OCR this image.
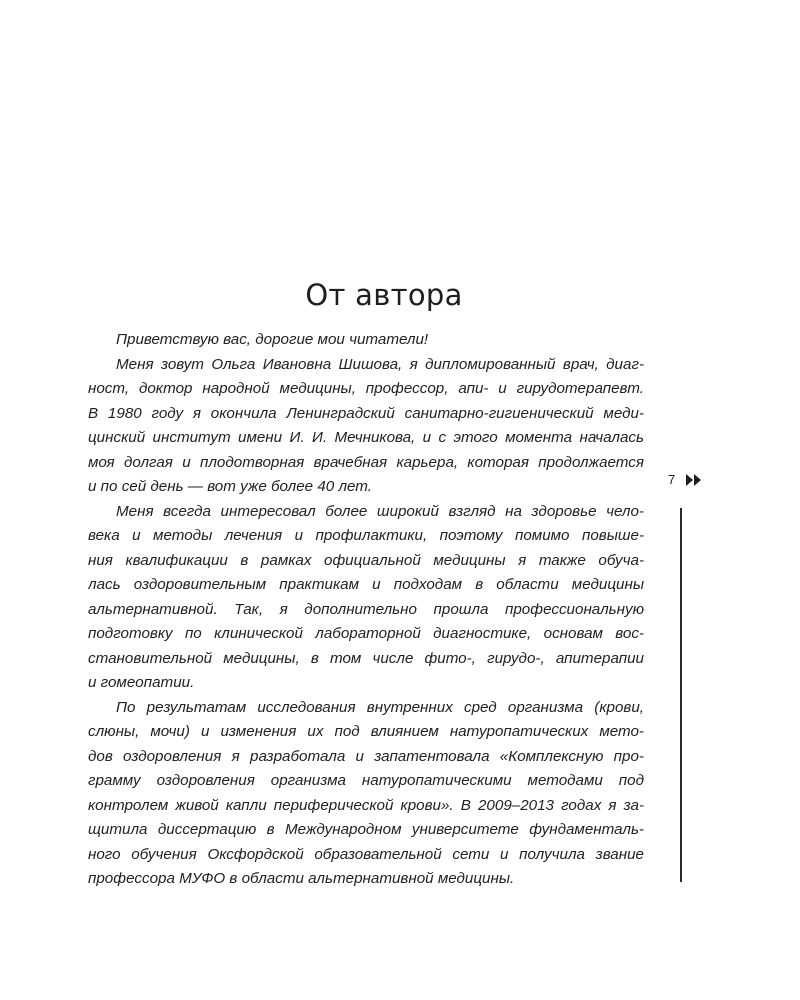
От автора
Приветствую вас, дорогие мои читатели!
Меня зовут Ольга Ивановна Шишова, я дипломированный врач, диаг-
ност, доктор народной медицины, профессор, апи- и гирудотерапевт.
В 1980 году я окончила Ленинградский санитарно-гигиенический меди-
цинский институт имени И. И. Мечникова, и с этого момента началась
моя долгая и плодотворная врачебная карьера, которая продолжается
и по сей день — вот уже более 40 лет.
Меня всегда интересовал более широкий взгляд на здоровье чело-
века и методы лечения и профилактики, поэтому помимо повыше-
ния квалификации в рамках официальной медицины я также обуча-
лась оздоровительным практикам и подходам в области медицины
альтернативной. Так, я дополнительно прошла профессиональную
подготовку по клинической лабораторной диагностике, основам вос-
становительной медицины, в том числе фито-, гирудо-, апитерапии
и гомеопатии.
По результатам исследования внутренних сред организма (крови,
слюны, мочи) и изменения их под влиянием натуропатических мето-
дов оздоровления я разработала и запатентовала «Комплексную про-
грамму оздоровления организма натуропатическими методами под
контролем живой капли периферической крови». В 2009–2013 годах я за-
щитила диссертацию в Международном университете фундаменталь-
ного обучения Оксфордской образовательной сети и получила звание
профессора МУФО в области альтернативной медицины.
7
